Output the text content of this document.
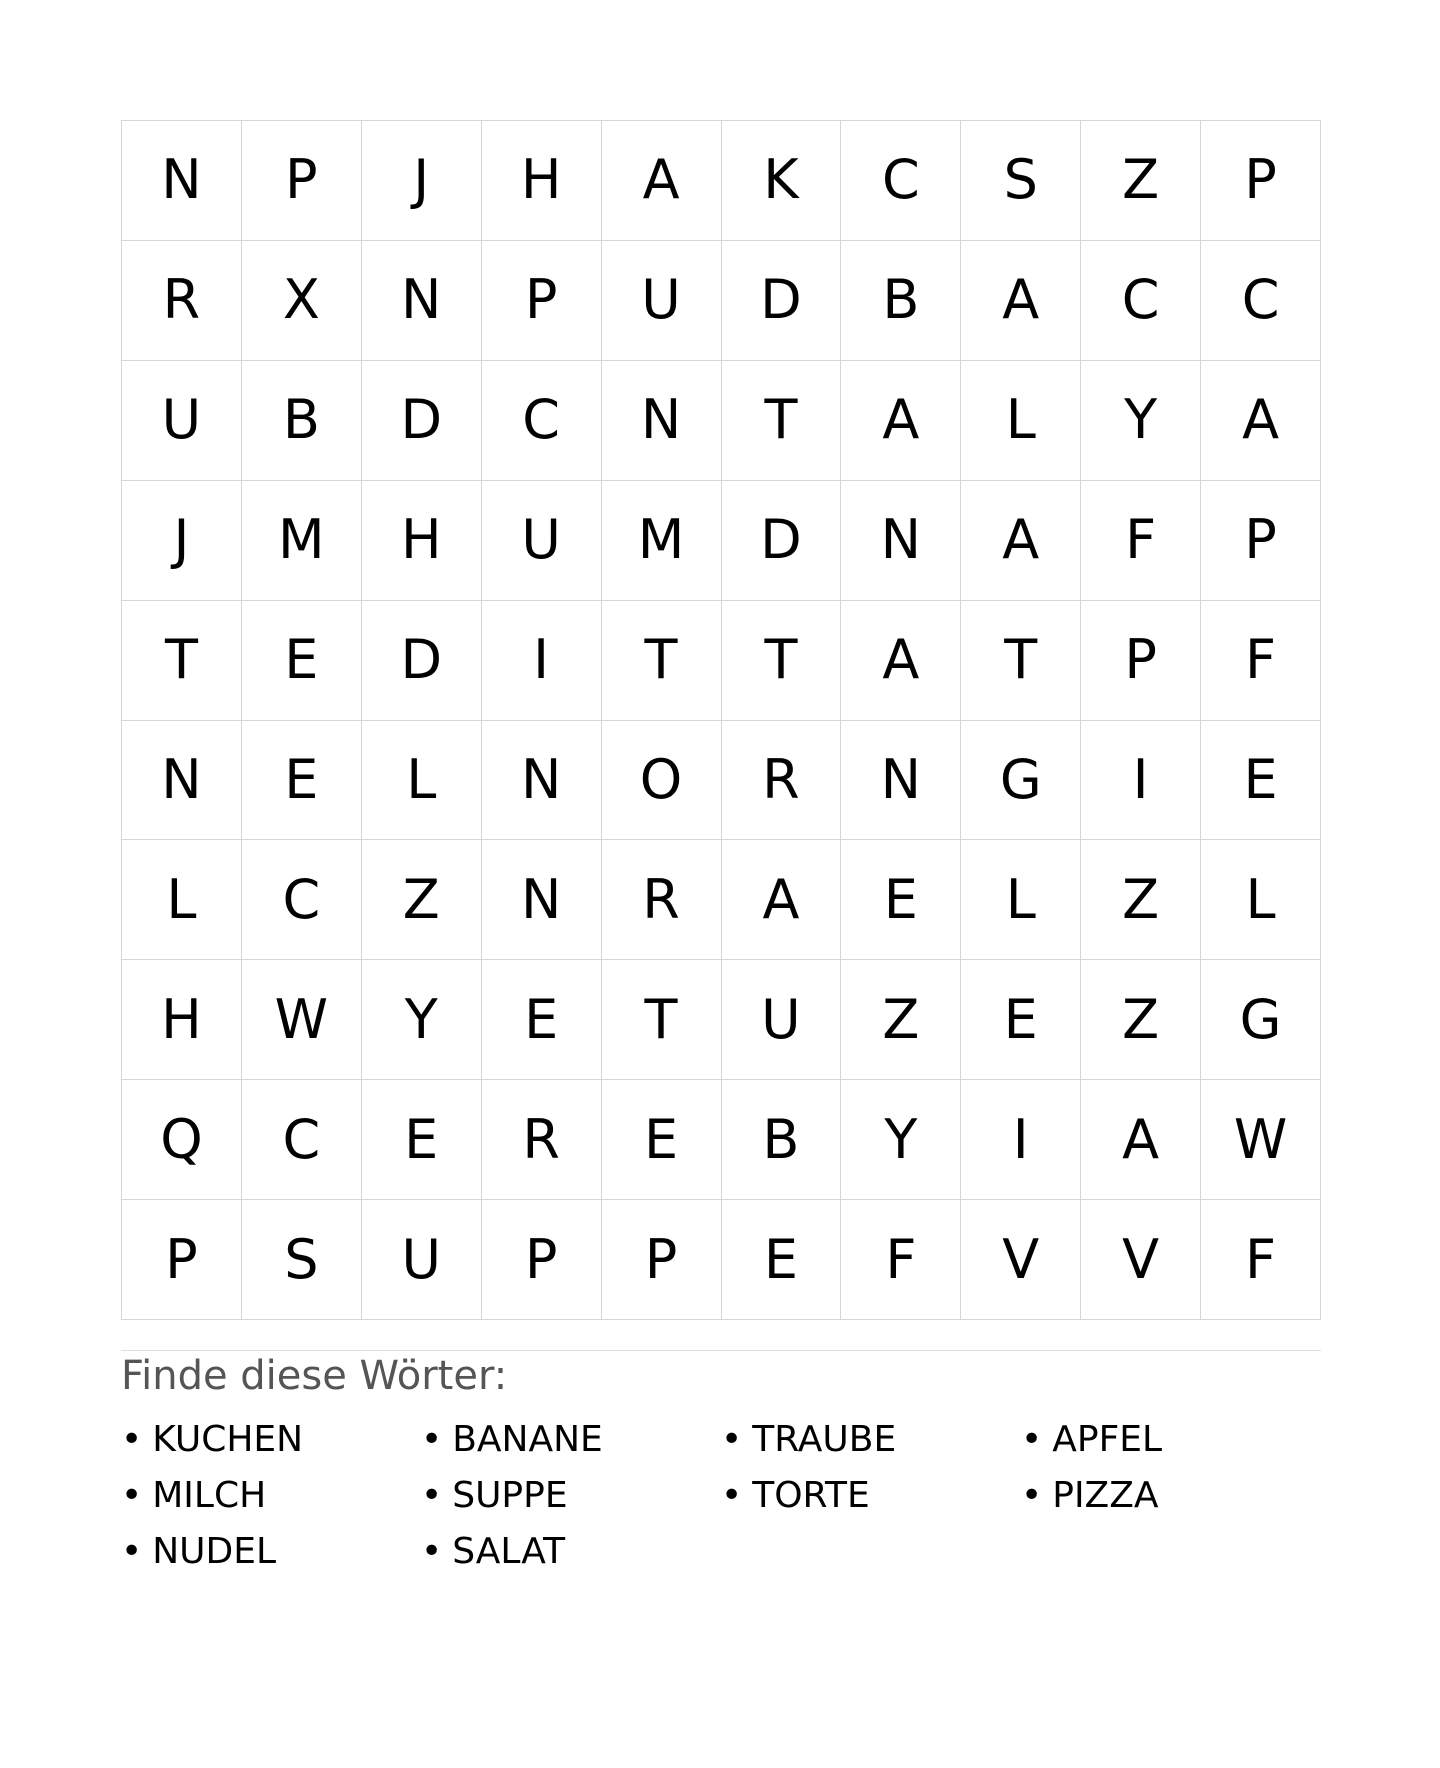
N	P	J	H	A	K	C	S	Z	P
R	X	N	P	U	D	B	A	C	C
U	B	D	C	N	T	A	L	Y	A
J	M	H	U	M	D	N	A	F	P
T	E	D	I	T	T	A	T	P	F
N	E	L	N	O	R	N	G	I	E
L	C	Z	N	R	A	E	L	Z	L
H	W	Y	E	T	U	Z	E	Z	G
Q	C	E	R	E	B	Y	I	A	W
P	S	U	P	P	E	F	V	V	F
Finde diese Wörter:
• KUCHEN	• BANANE	• TRAUBE	• APFEL
• MILCH	• SUPPE	• TORTE	• PIZZA
• NUDEL	• SALAT
